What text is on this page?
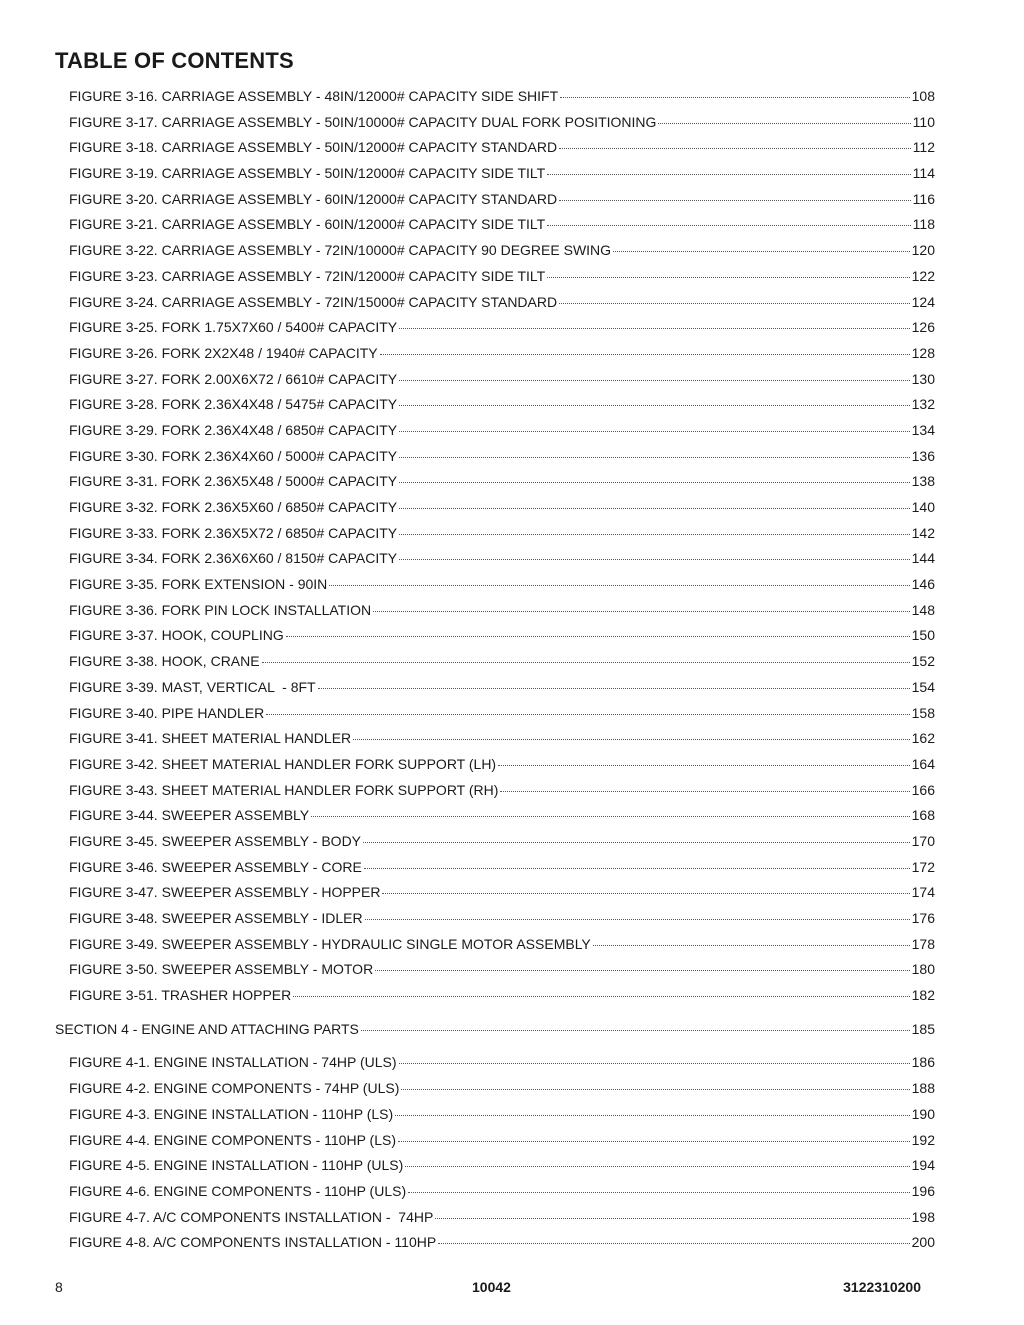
TABLE OF CONTENTS
FIGURE 3-16. CARRIAGE ASSEMBLY - 48IN/12000# CAPACITY SIDE SHIFT	108
FIGURE 3-17. CARRIAGE ASSEMBLY - 50IN/10000# CAPACITY DUAL FORK POSITIONING	110
FIGURE 3-18. CARRIAGE ASSEMBLY - 50IN/12000# CAPACITY STANDARD	112
FIGURE 3-19. CARRIAGE ASSEMBLY - 50IN/12000# CAPACITY SIDE TILT	114
FIGURE 3-20. CARRIAGE ASSEMBLY - 60IN/12000# CAPACITY STANDARD	116
FIGURE 3-21. CARRIAGE ASSEMBLY - 60IN/12000# CAPACITY SIDE TILT	118
FIGURE 3-22. CARRIAGE ASSEMBLY - 72IN/10000# CAPACITY 90 DEGREE SWING	120
FIGURE 3-23. CARRIAGE ASSEMBLY - 72IN/12000# CAPACITY SIDE TILT	122
FIGURE 3-24. CARRIAGE ASSEMBLY - 72IN/15000# CAPACITY STANDARD	124
FIGURE 3-25. FORK 1.75X7X60 / 5400# CAPACITY	126
FIGURE 3-26. FORK 2X2X48 / 1940# CAPACITY	128
FIGURE 3-27. FORK 2.00X6X72 / 6610# CAPACITY	130
FIGURE 3-28. FORK 2.36X4X48 / 5475# CAPACITY	132
FIGURE 3-29. FORK 2.36X4X48 / 6850# CAPACITY	134
FIGURE 3-30. FORK 2.36X4X60 / 5000# CAPACITY	136
FIGURE 3-31. FORK 2.36X5X48 / 5000# CAPACITY	138
FIGURE 3-32. FORK 2.36X5X60 / 6850# CAPACITY	140
FIGURE 3-33. FORK 2.36X5X72 / 6850# CAPACITY	142
FIGURE 3-34. FORK 2.36X6X60 / 8150# CAPACITY	144
FIGURE 3-35. FORK EXTENSION - 90IN	146
FIGURE 3-36. FORK PIN LOCK INSTALLATION	148
FIGURE 3-37. HOOK, COUPLING	150
FIGURE 3-38. HOOK, CRANE	152
FIGURE 3-39. MAST, VERTICAL  - 8FT	154
FIGURE 3-40. PIPE HANDLER	158
FIGURE 3-41. SHEET MATERIAL HANDLER	162
FIGURE 3-42. SHEET MATERIAL HANDLER FORK SUPPORT (LH)	164
FIGURE 3-43. SHEET MATERIAL HANDLER FORK SUPPORT (RH)	166
FIGURE 3-44. SWEEPER ASSEMBLY	168
FIGURE 3-45. SWEEPER ASSEMBLY - BODY	170
FIGURE 3-46. SWEEPER ASSEMBLY - CORE	172
FIGURE 3-47. SWEEPER ASSEMBLY - HOPPER	174
FIGURE 3-48. SWEEPER ASSEMBLY - IDLER	176
FIGURE 3-49. SWEEPER ASSEMBLY - HYDRAULIC SINGLE MOTOR ASSEMBLY	178
FIGURE 3-50. SWEEPER ASSEMBLY - MOTOR	180
FIGURE 3-51. TRASHER HOPPER	182
SECTION 4 - ENGINE AND ATTACHING PARTS	185
FIGURE 4-1. ENGINE INSTALLATION - 74HP (ULS)	186
FIGURE 4-2. ENGINE COMPONENTS - 74HP (ULS)	188
FIGURE 4-3. ENGINE INSTALLATION - 110HP (LS)	190
FIGURE 4-4. ENGINE COMPONENTS - 110HP (LS)	192
FIGURE 4-5. ENGINE INSTALLATION - 110HP (ULS)	194
FIGURE 4-6. ENGINE COMPONENTS - 110HP (ULS)	196
FIGURE 4-7. A/C COMPONENTS INSTALLATION -  74HP	198
FIGURE 4-8. A/C COMPONENTS INSTALLATION - 110HP	200
8	10042	3122310200
